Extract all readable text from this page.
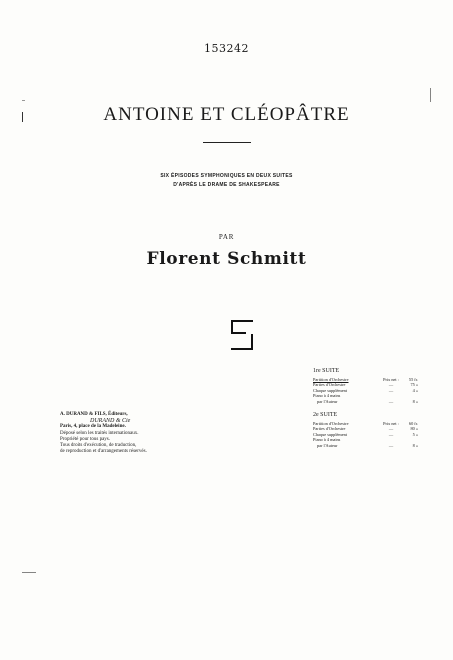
153242
ANTOINE ET CLÉOPÂTRE
SIX ÉPISODES SYMPHONIQUES EN DEUX SUITES
D'APRÈS LE DRAME DE SHAKESPEARE
PAR
Florent Schmitt
A. DURAND & FILS, Éditeurs,
DURAND & Cie
Paris, 4, place de la Madeleine.
Déposé selon les traités internationaux.
Propriété pour tous pays.
Tous droits d'exécution, de traduction,
de reproduction et d'arrangements réservés.
1re SUITE
Partition d'Orchestre	Prix net :	55 fr.
Parties d'Orchestre	—	75 »
Chaque supplément	—	4 »
Piano à 4 mains
par l'Auteur	—	8 »
2e SUITE
Partition d'Orchestre	Prix net :	60 fr.
Parties d'Orchestre	—	80 »
Chaque supplément	—	5 »
Piano à 4 mains
par l'Auteur	—	8 »
